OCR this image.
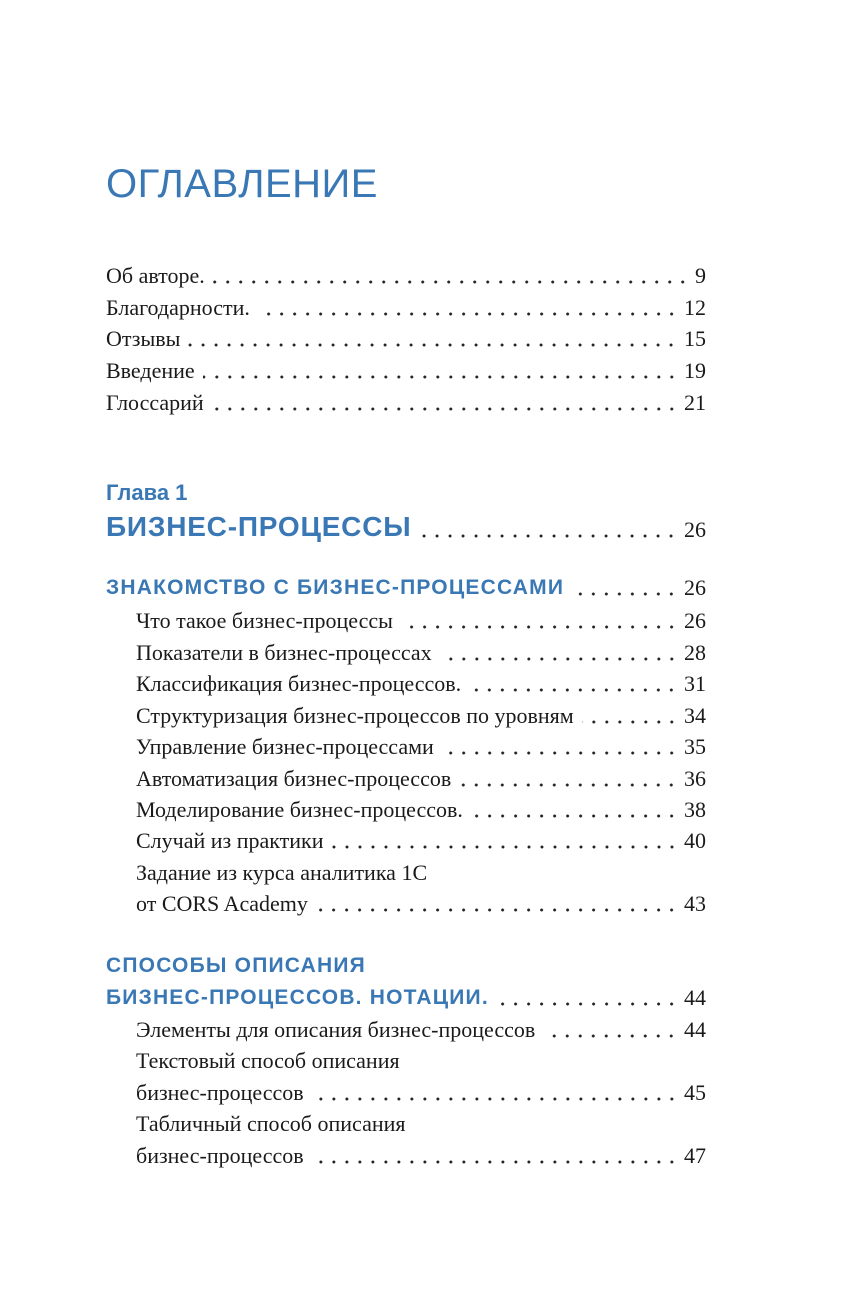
ОГЛАВЛЕНИЕ
Об авторе.	9
Благодарности.	12
Отзывы	15
Введение	19
Глоссарий	21
Глава 1
БИЗНЕС-ПРОЦЕССЫ	26
ЗНАКОМСТВО С БИЗНЕС-ПРОЦЕССАМИ	26
Что такое бизнес-процессы	26
Показатели в бизнес-процессах	28
Классификация бизнес-процессов.	31
Структуризация бизнес-процессов по уровням	34
Управление бизнес-процессами	35
Автоматизация бизнес-процессов	36
Моделирование бизнес-процессов.	38
Случай из практики	40
Задание из курса аналитика 1С
от CORS Academy	43
СПОСОБЫ ОПИСАНИЯ
БИЗНЕС-ПРОЦЕССОВ. НОТАЦИИ.	44
Элементы для описания бизнес-процессов	44
Текстовый способ описания
бизнес-процессов	45
Табличный способ описания
бизнес-процессов	47
